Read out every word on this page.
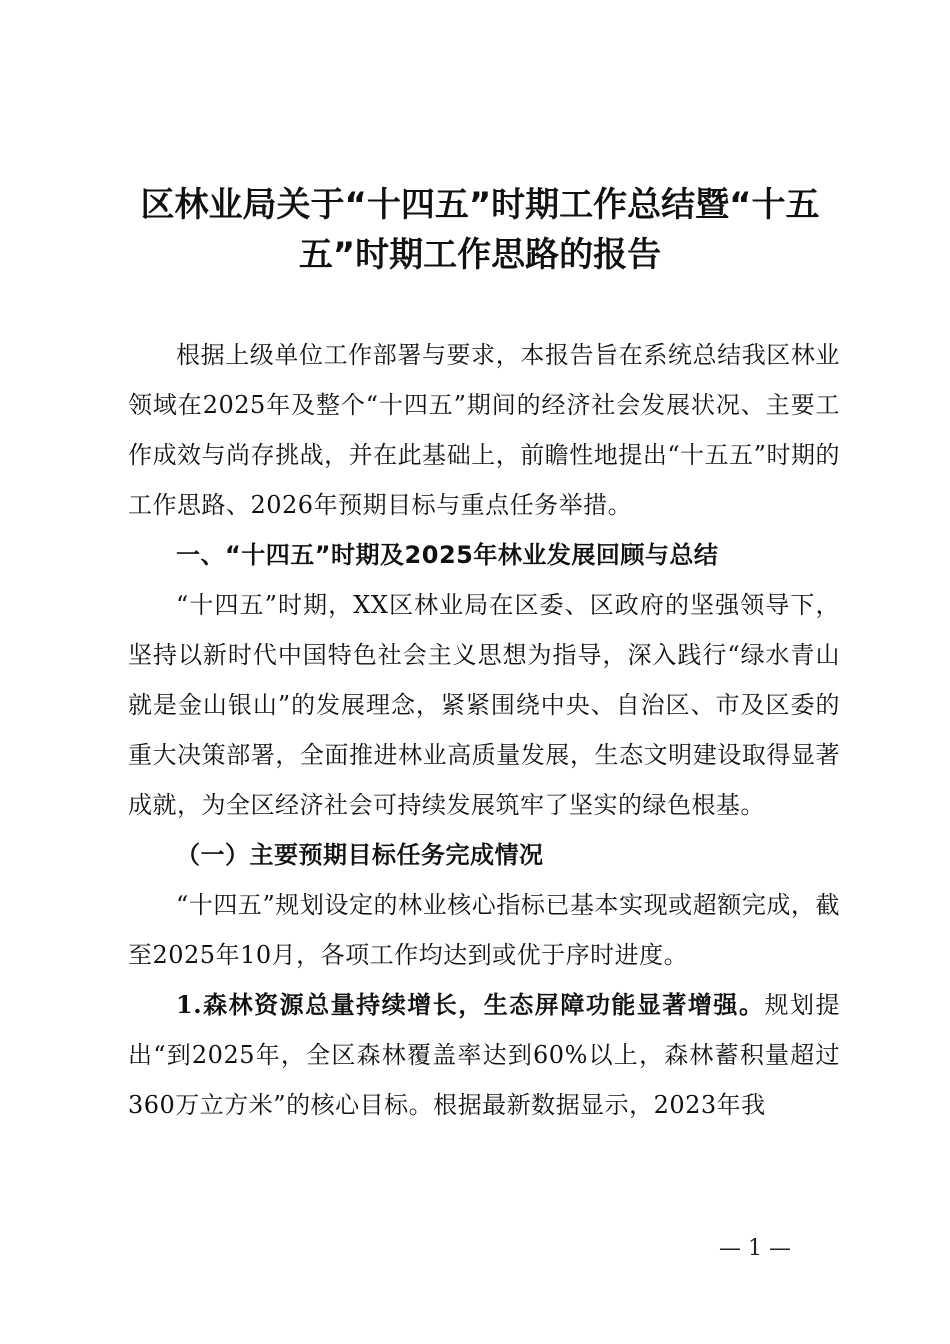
区林业局关于“十四五”时期工作总结暨“十五
五”时期工作思路的报告

根据上级单位工作部署与要求，本报告旨在系统总结我区林业领域在2025年及整个“十四五”期间的经济社会发展状况、主要工作成效与尚存挑战，并在此基础上，前瞻性地提出“十五五”时期的工作思路、2026年预期目标与重点任务举措。

一、“十四五”时期及2025年林业发展回顾与总结

“十四五”时期，XX区林业局在区委、区政府的坚强领导下，坚持以新时代中国特色社会主义思想为指导，深入践行“绿水青山就是金山银山”的发展理念，紧紧围绕中央、自治区、市及区委的重大决策部署，全面推进林业高质量发展，生态文明建设取得显著成就，为全区经济社会可持续发展筑牢了坚实的绿色根基。

（一）主要预期目标任务完成情况

“十四五”规划设定的林业核心指标已基本实现或超额完成，截至2025年10月，各项工作均达到或优于序时进度。

1.森林资源总量持续增长，生态屏障功能显著增强。规划提出“到2025年，全区森林覆盖率达到60%以上，森林蓄积量超过360万立方米”的核心目标。根据最新数据显示，2023年我

— 1 —
